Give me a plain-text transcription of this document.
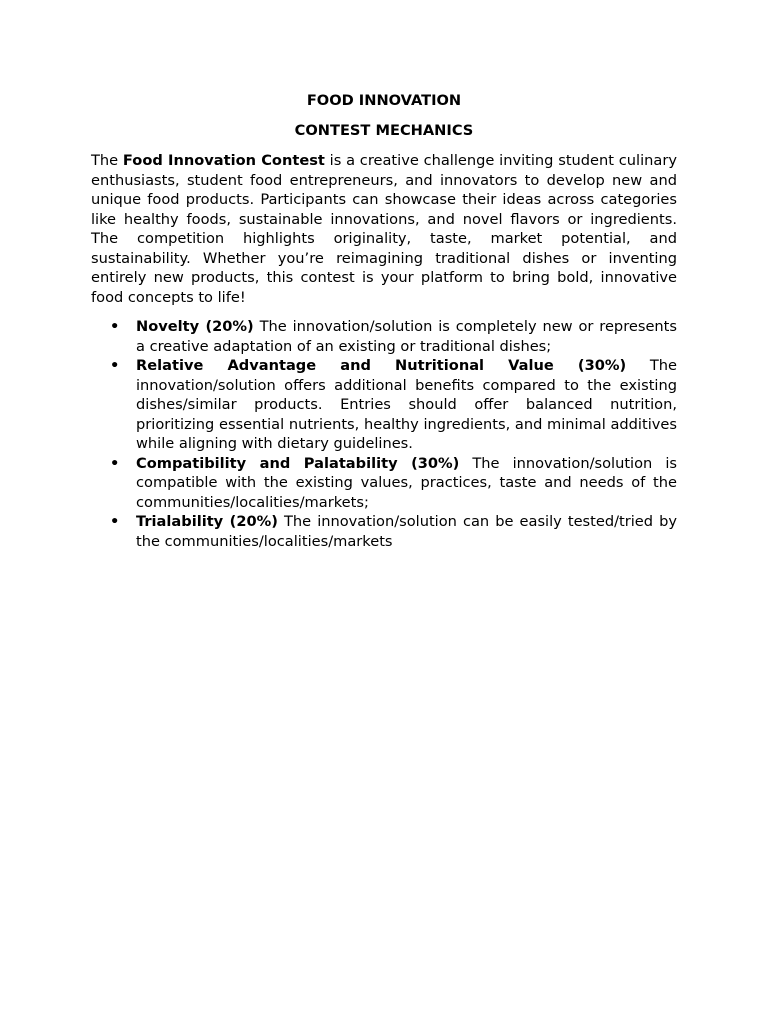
FOOD INNOVATION

CONTEST MECHANICS

The Food Innovation Contest is a creative challenge inviting student culinary enthusiasts, student food entrepreneurs, and innovators to develop new and unique food products. Participants can showcase their ideas across categories like healthy foods, sustainable innovations, and novel flavors or ingredients. The competition highlights originality, taste, market potential, and sustainability. Whether you’re reimagining traditional dishes or inventing entirely new products, this contest is your platform to bring bold, innovative food concepts to life!

• Novelty (20%) The innovation/solution is completely new or represents a creative adaptation of an existing or traditional dishes;
• Relative Advantage and Nutritional Value (30%) The innovation/solution offers additional benefits compared to the existing dishes/similar products. Entries should offer balanced nutrition, prioritizing essential nutrients, healthy ingredients, and minimal additives while aligning with dietary guidelines.
• Compatibility and Palatability (30%) The innovation/solution is compatible with the existing values, practices, taste and needs of the communities/localities/markets;
• Trialability (20%) The innovation/solution can be easily tested/tried by the communities/localities/markets
